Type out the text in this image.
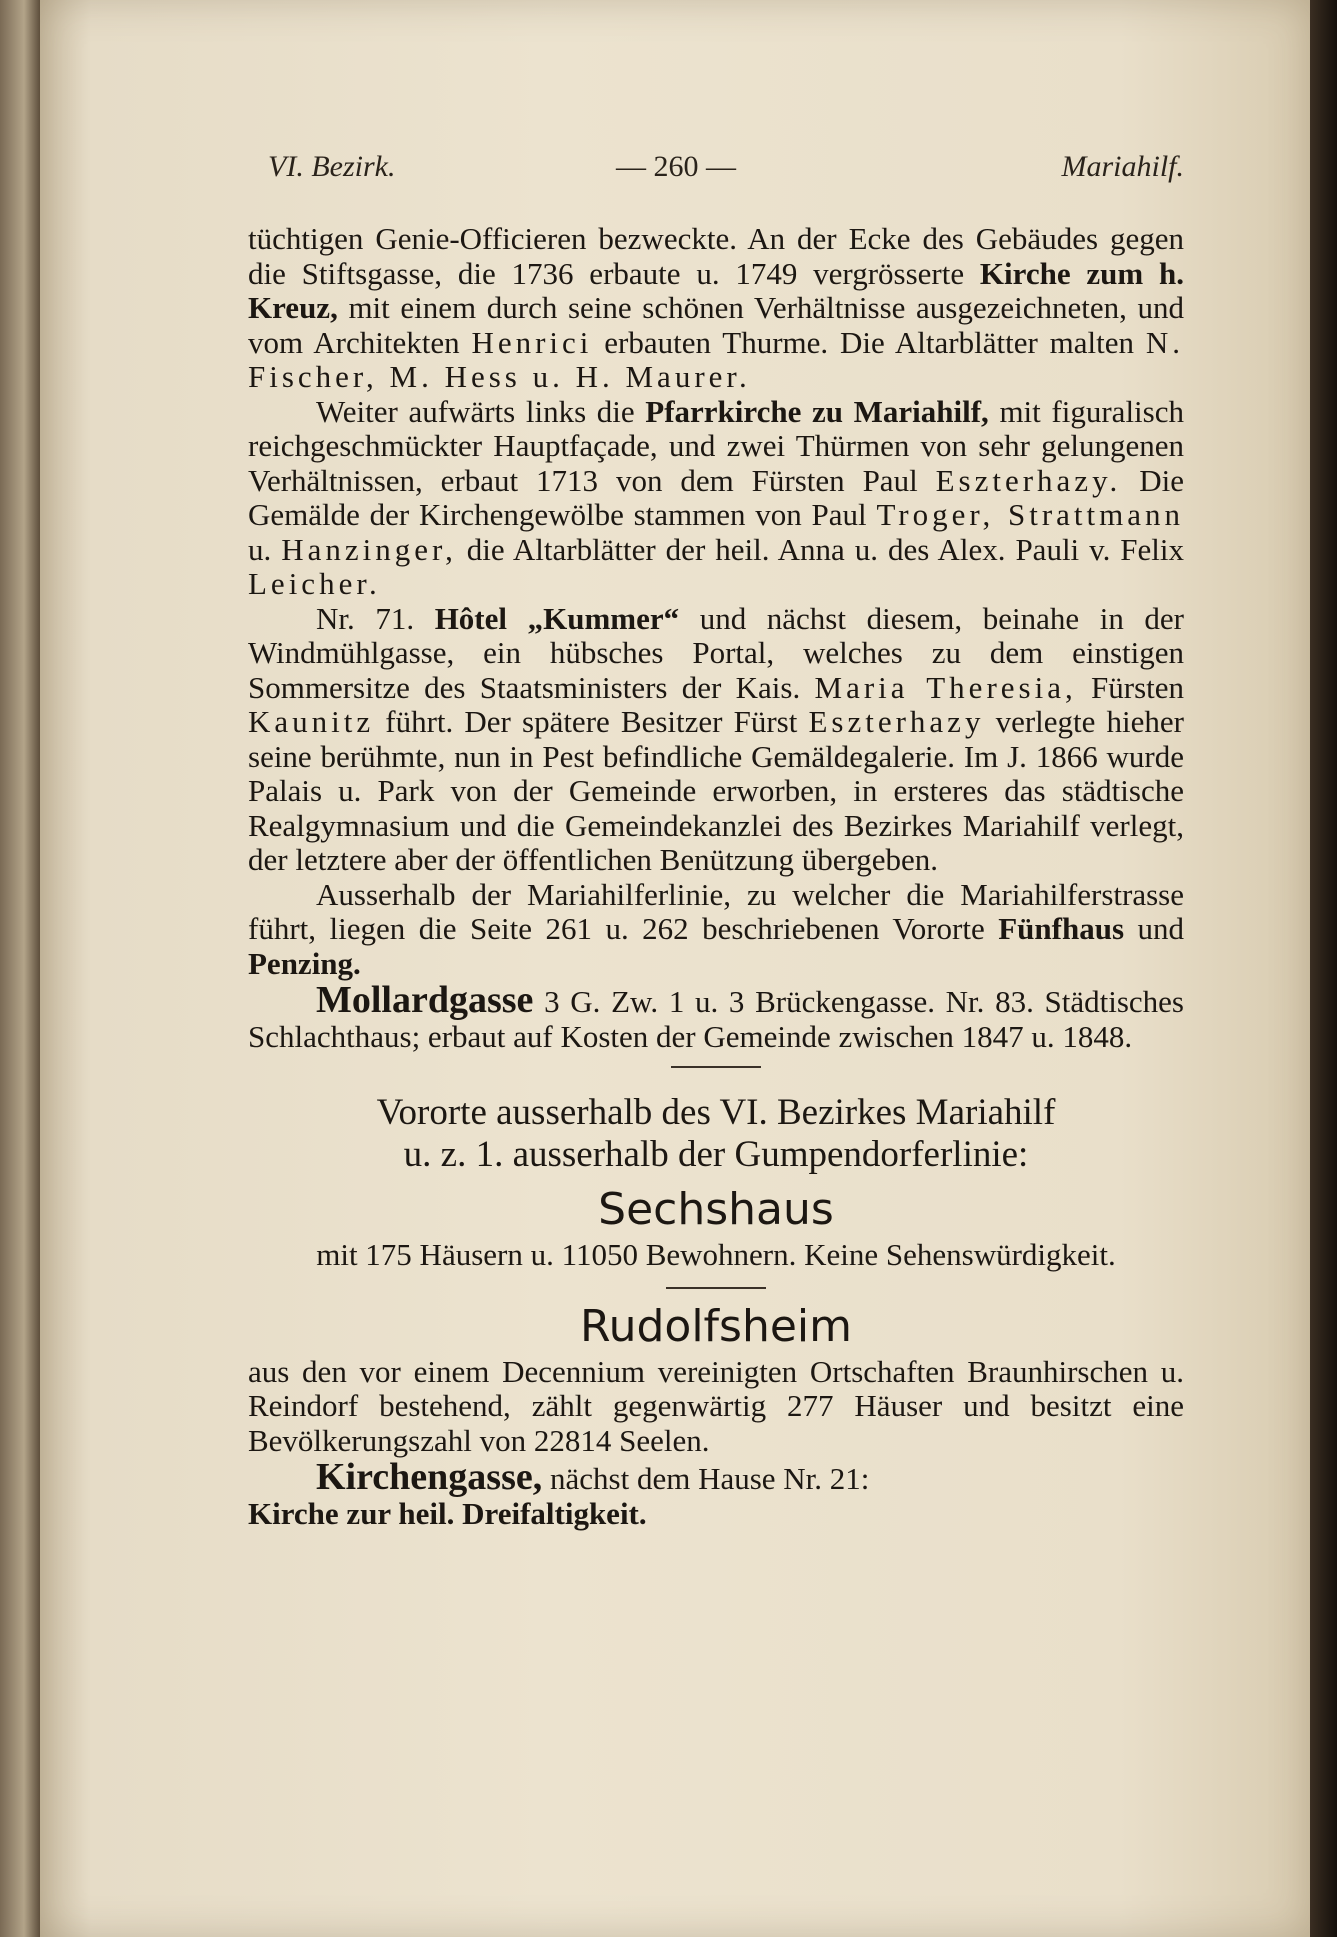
VI. Bezirk.	— 260 —	Mariahilf.

tüchtigen Genie-Officieren bezweckte. An der Ecke des Gebäudes gegen die Stiftsgasse, die 1736 erbaute u. 1749 vergrösserte Kirche zum h. Kreuz, mit einem durch seine schönen Verhältnisse ausgezeichneten, und vom Architekten Henrici erbauten Thurme. Die Altarblätter malten N. Fischer, M. Hess u. H. Maurer.

Weiter aufwärts links die Pfarrkirche zu Mariahilf, mit figuralisch reichgeschmückter Hauptfaçade, und zwei Thürmen von sehr gelungenen Verhältnissen, erbaut 1713 von dem Fürsten Paul Eszterhazy. Die Gemälde der Kirchengewölbe stammen von Paul Troger, Strattmann u. Hanzinger, die Altarblätter der heil. Anna u. des Alex. Pauli v. Felix Leicher.

Nr. 71. Hôtel „Kummer“ und nächst diesem, beinahe in der Windmühlgasse, ein hübsches Portal, welches zu dem einstigen Sommersitze des Staatsministers der Kais. Maria Theresia, Fürsten Kaunitz führt. Der spätere Besitzer Fürst Eszterhazy verlegte hieher seine berühmte, nun in Pest befindliche Gemäldegalerie. Im J. 1866 wurde Palais u. Park von der Gemeinde erworben, in ersteres das städtische Realgymnasium und die Gemeindekanzlei des Bezirkes Mariahilf verlegt, der letztere aber der öffentlichen Benützung übergeben.

Ausserhalb der Mariahilferlinie, zu welcher die Mariahilferstrasse führt, liegen die Seite 261 u. 262 beschriebenen Vororte Fünfhaus und Penzing.

Mollardgasse 3 G. Zw. 1 u. 3 Brückengasse. Nr. 83. Städtisches Schlachthaus; erbaut auf Kosten der Gemeinde zwischen 1847 u. 1848.

Vororte ausserhalb des VI. Bezirkes Mariahilf
u. z. 1. ausserhalb der Gumpendorferlinie:
Sechshaus

mit 175 Häusern u. 11050 Bewohnern. Keine Sehenswürdigkeit.

Rudolfsheim

aus den vor einem Decennium vereinigten Ortschaften Braunhirschen u. Reindorf bestehend, zählt gegenwärtig 277 Häuser und besitzt eine Bevölkerungszahl von 22814 Seelen.

Kirchengasse, nächst dem Hause Nr. 21:

Kirche zur heil. Dreifaltigkeit.
